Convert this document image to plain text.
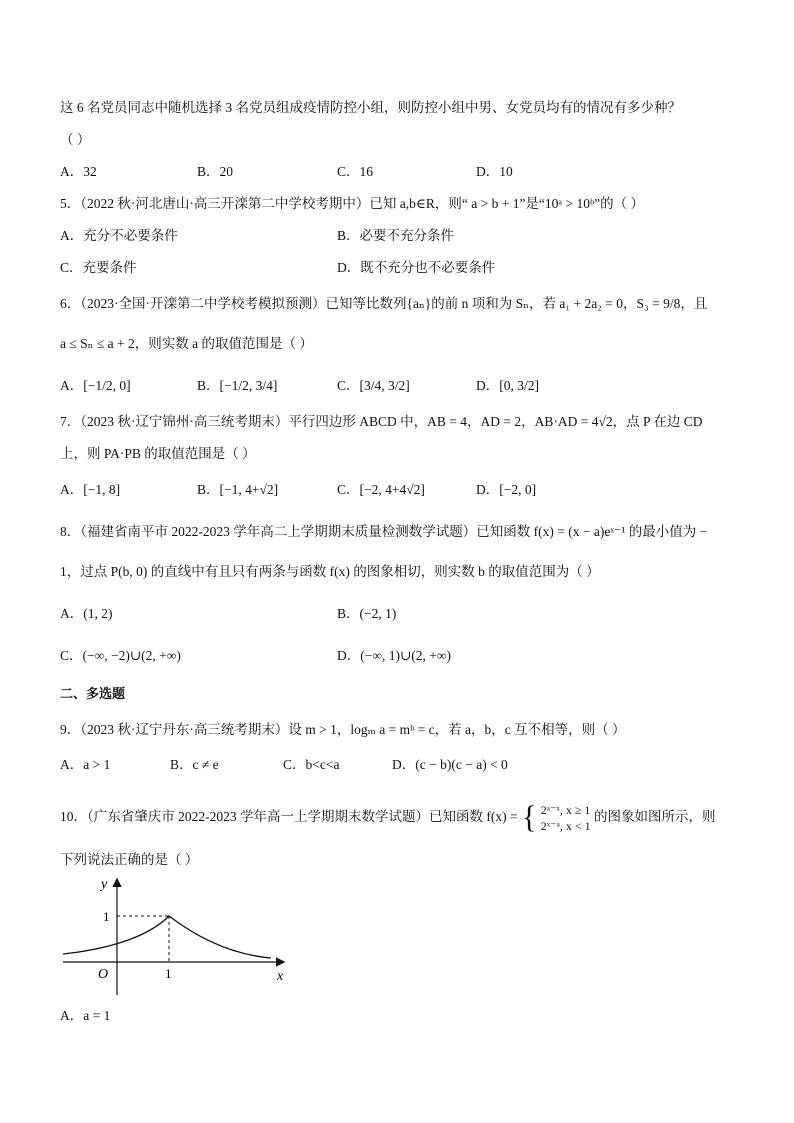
这 6 名党员同志中随机选择 3 名党员组成疫情防控小组，则防控小组中男、女党员均有的情况有多少种？
（ ）
A．32	B．20	C．16	D．10
5．（2022 秋·河北唐山·高三开滦第二中学校考期中）已知 a,b∈R，则“ a > b + 1”是“10ᵃ > 10ᵇ”的（ ）
A．充分不必要条件	B．必要不充分条件
C．充要条件	D．既不充分也不必要条件
6．（2023·全国·开滦第二中学校考模拟预测）已知等比数列{aₙ}的前 n 项和为 Sₙ，若 a₁ + 2a₂ = 0，S₃ = 9/8，且
a ≤ Sₙ ≤ a + 2，则实数 a 的取值范围是（ ）
A．[−1/2, 0]	B．[−1/2, 3/4]	C．[3/4, 3/2]	D．[0, 3/2]
7．（2023 秋·辽宁锦州·高三统考期末）平行四边形 ABCD 中，AB = 4，AD = 2，AB·AD = 4√2，点 P 在边 CD
上，则 PA·PB 的取值范围是（ ）
A．[−1, 8]	B．[−1, 4+√2]	C．[−2, 4+4√2]	D．[−2, 0]
8．（福建省南平市 2022-2023 学年高二上学期期末质量检测数学试题）已知函数 f(x) = (x − a)eˣ⁻¹ 的最小值为 −
1，过点 P(b, 0) 的直线中有且只有两条与函数 f(x) 的图象相切，则实数 b 的取值范围为（ ）
A．(1, 2)	B．(−2, 1)
C．(−∞, −2)∪(2, +∞)	D．(−∞, 1)∪(2, +∞)
二、多选题
9．（2023 秋·辽宁丹东·高三统考期末）设 m > 1，logₘ a = mᵇ = c，若 a，b，c 互不相等，则（ ）
A．a > 1	B．c ≠ e	C．b<c<a	D．(c − b)(c − a) < 0
10．（广东省肇庆市 2022-2023 学年高一上学期期末数学试题）已知函数 f(x) = { 2ᵃ⁻ˣ, x ≥ 1
2ˣ⁻ᵃ, x < 1
的图象如图所示，则
下列说法正确的是（ ）
y
x
O	1
1
A．a = 1
